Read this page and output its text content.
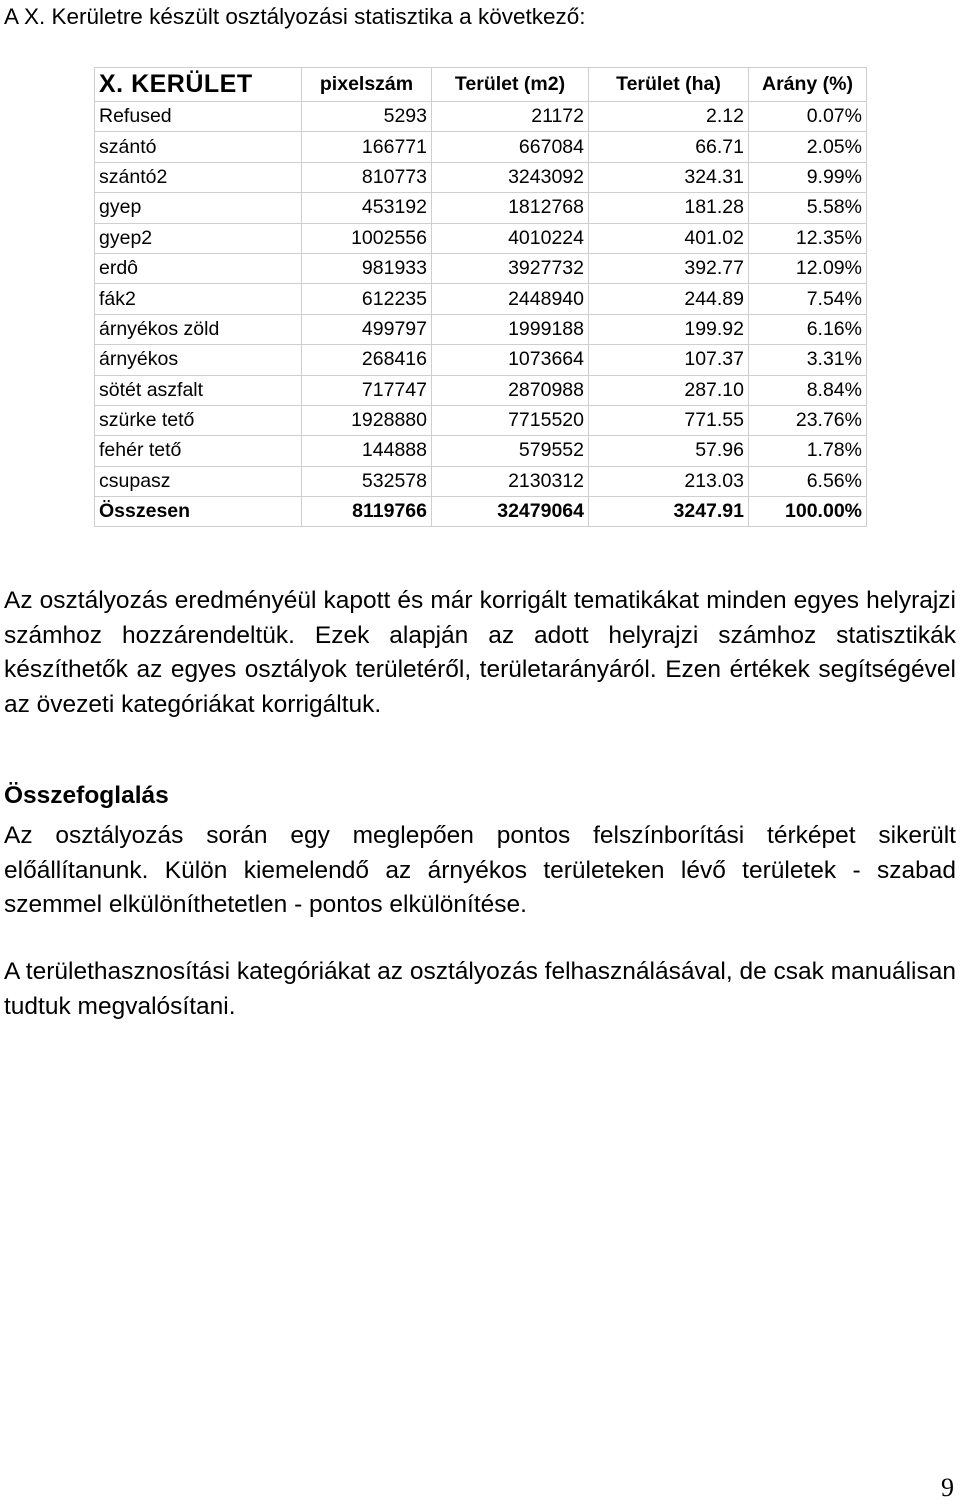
A X. Kerületre készült osztályozási statisztika a következő:
X. KERÜLET	pixelszám	Terület (m2)	Terület (ha)	Arány (%)
Refused	5293	21172	2.12	0.07%
szántó	166771	667084	66.71	2.05%
szántó2	810773	3243092	324.31	9.99%
gyep	453192	1812768	181.28	5.58%
gyep2	1002556	4010224	401.02	12.35%
erdô	981933	3927732	392.77	12.09%
fák2	612235	2448940	244.89	7.54%
árnyékos zöld	499797	1999188	199.92	6.16%
árnyékos	268416	1073664	107.37	3.31%
sötét aszfalt	717747	2870988	287.10	8.84%
szürke tető	1928880	7715520	771.55	23.76%
fehér tető	144888	579552	57.96	1.78%
csupasz	532578	2130312	213.03	6.56%
Összesen	8119766	32479064	3247.91	100.00%
Az osztályozás eredményéül kapott és már korrigált tematikákat minden egyes helyrajzi számhoz hozzárendeltük. Ezek alapján az adott helyrajzi számhoz statisztikák készíthetők az egyes osztályok területéről, területarányáról. Ezen értékek segítségével az övezeti kategóriákat korrigáltuk.
Összefoglalás
Az osztályozás során egy meglepően pontos felszínborítási térképet sikerült előállítanunk. Külön kiemelendő az árnyékos területeken lévő területek - szabad szemmel elkülöníthetetlen - pontos elkülönítése.
A területhasznosítási kategóriákat az osztályozás felhasználásával, de csak manuálisan tudtuk megvalósítani.
9
